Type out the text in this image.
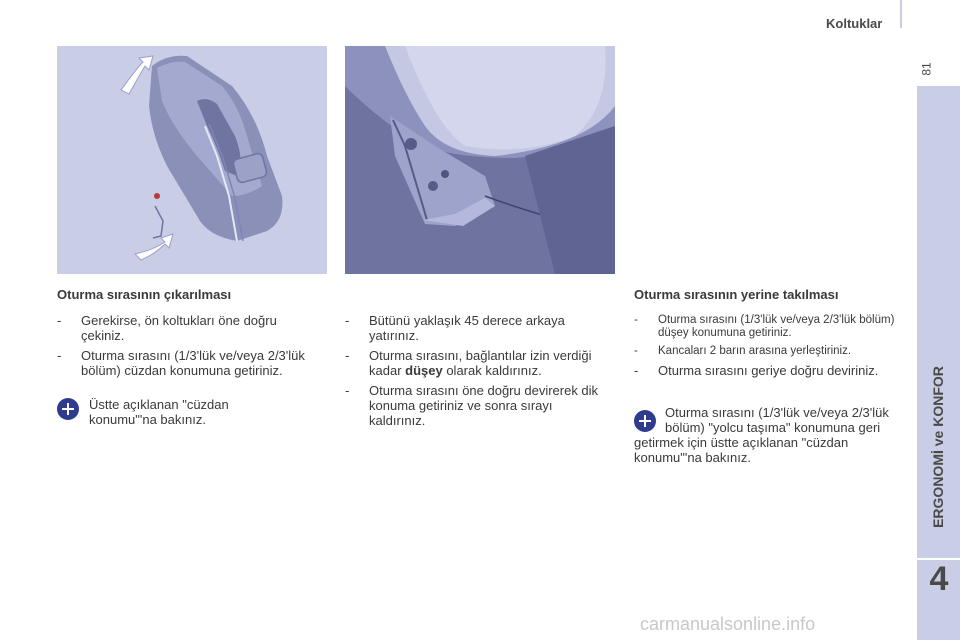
Koltuklar
81
ERGONOMİ ve KONFOR
4
Oturma sırasının çıkarılması
- Gerekirse, ön koltukları öne doğru çekiniz.
- Oturma sırasını (1/3'lük ve/veya 2/3'lük bölüm) cüzdan konumuna getiriniz.
Üstte açıklanan "cüzdan konumu"'na bakınız.
- Bütünü yaklaşık 45 derece arkaya yatırınız.
- Oturma sırasını, bağlantılar izin verdiği kadar düşey olarak kaldırınız.
- Oturma sırasını öne doğru devirerek dik konuma getiriniz ve sonra sırayı kaldırınız.
Oturma sırasının yerine takılması
- Oturma sırasını (1/3'lük ve/veya 2/3'lük bölüm) düşey konumuna getiriniz.
- Kancaları 2 barın arasına yerleştiriniz.
- Oturma sırasını geriye doğru deviriniz.
Oturma sırasını (1/3'lük ve/veya 2/3'lük bölüm) "yolcu taşıma" konumuna geri getirmek için üstte açıklanan "cüzdan konumu"'na bakınız.
carmanualsonline.info
